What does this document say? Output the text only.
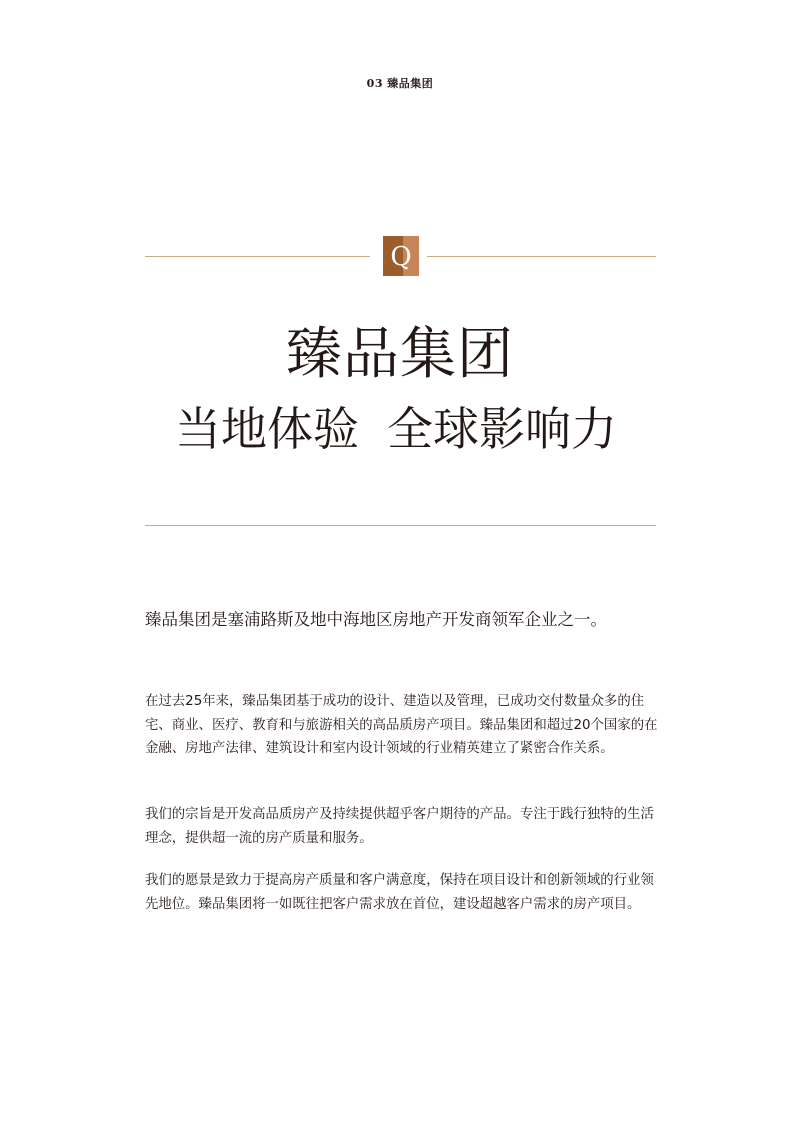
03 臻品集团
Q
臻品集团
当地体验 全球影响力
臻品集团是塞浦路斯及地中海地区房地产开发商领军企业之一。

在过去25年来，臻品集团基于成功的设计、建造以及管理，已成功交付数量众多的住宅、商业、医疗、教育和与旅游相关的高品质房产项目。臻品集团和超过20个国家的在金融、房地产法律、建筑设计和室内设计领域的行业精英建立了紧密合作关系。

我们的宗旨是开发高品质房产及持续提供超乎客户期待的产品。专注于践行独特的生活理念，提供超一流的房产质量和服务。

我们的愿景是致力于提高房产质量和客户满意度，保持在项目设计和创新领域的行业领先地位。臻品集团将一如既往把客户需求放在首位，建设超越客户需求的房产项目。
